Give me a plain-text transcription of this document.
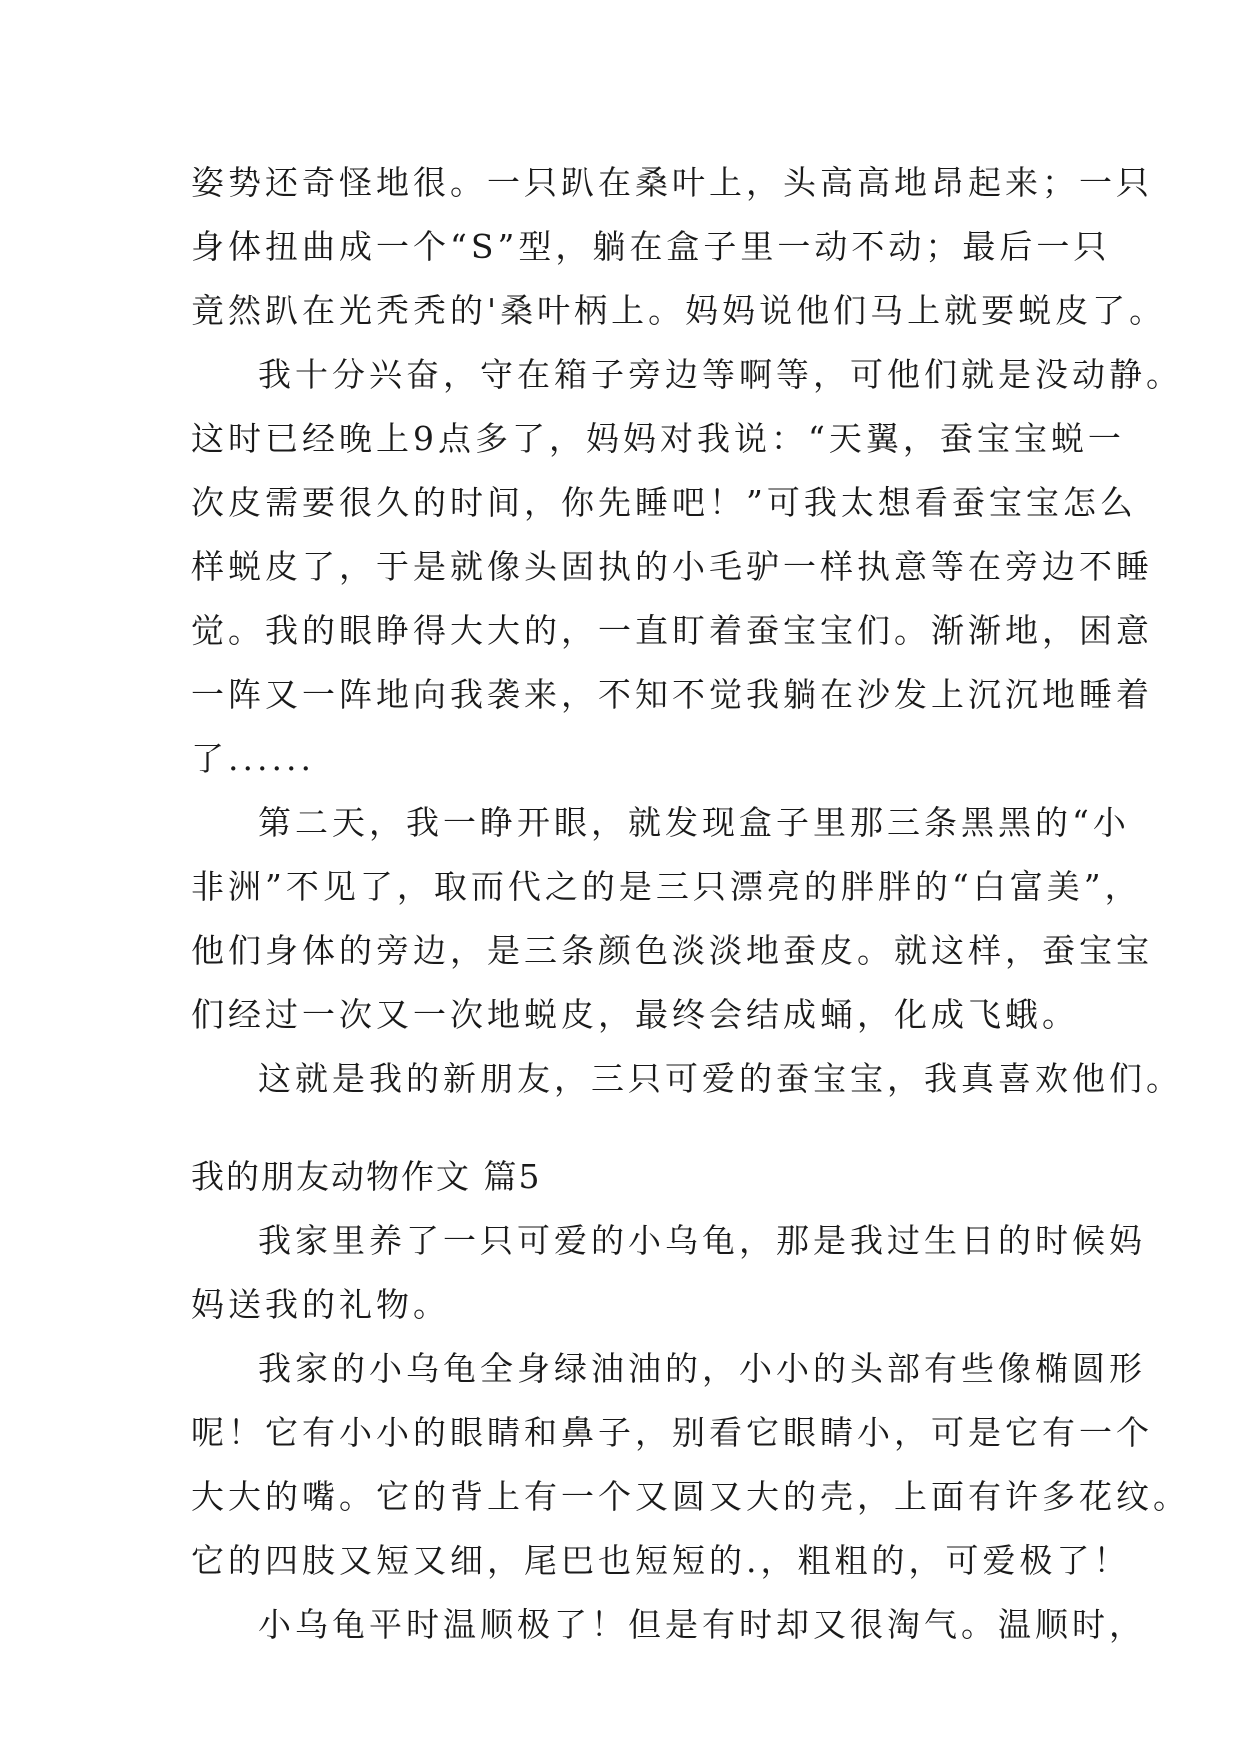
姿势还奇怪地很。一只趴在桑叶上，头高高地昂起来；一只
身体扭曲成一个“S”型，躺在盒子里一动不动；最后一只
竟然趴在光秃秃的'桑叶柄上。妈妈说他们马上就要蜕皮了。
我十分兴奋，守在箱子旁边等啊等，可他们就是没动静。
这时已经晚上9点多了，妈妈对我说：“天翼，蚕宝宝蜕一
次皮需要很久的时间，你先睡吧！”可我太想看蚕宝宝怎么
样蜕皮了，于是就像头固执的小毛驴一样执意等在旁边不睡
觉。我的眼睁得大大的，一直盯着蚕宝宝们。渐渐地，困意
一阵又一阵地向我袭来，不知不觉我躺在沙发上沉沉地睡着
了......
第二天，我一睁开眼，就发现盒子里那三条黑黑的“小
非洲”不见了，取而代之的是三只漂亮的胖胖的“白富美”，
他们身体的旁边，是三条颜色淡淡地蚕皮。就这样，蚕宝宝
们经过一次又一次地蜕皮，最终会结成蛹，化成飞蛾。
这就是我的新朋友，三只可爱的蚕宝宝，我真喜欢他们。
我的朋友动物作文 篇5
我家里养了一只可爱的小乌龟，那是我过生日的时候妈
妈送我的礼物。
我家的小乌龟全身绿油油的，小小的头部有些像椭圆形
呢！它有小小的眼睛和鼻子，别看它眼睛小，可是它有一个
大大的嘴。它的背上有一个又圆又大的壳，上面有许多花纹。
它的四肢又短又细，尾巴也短短的.，粗粗的，可爱极了！
小乌龟平时温顺极了！但是有时却又很淘气。温顺时，
